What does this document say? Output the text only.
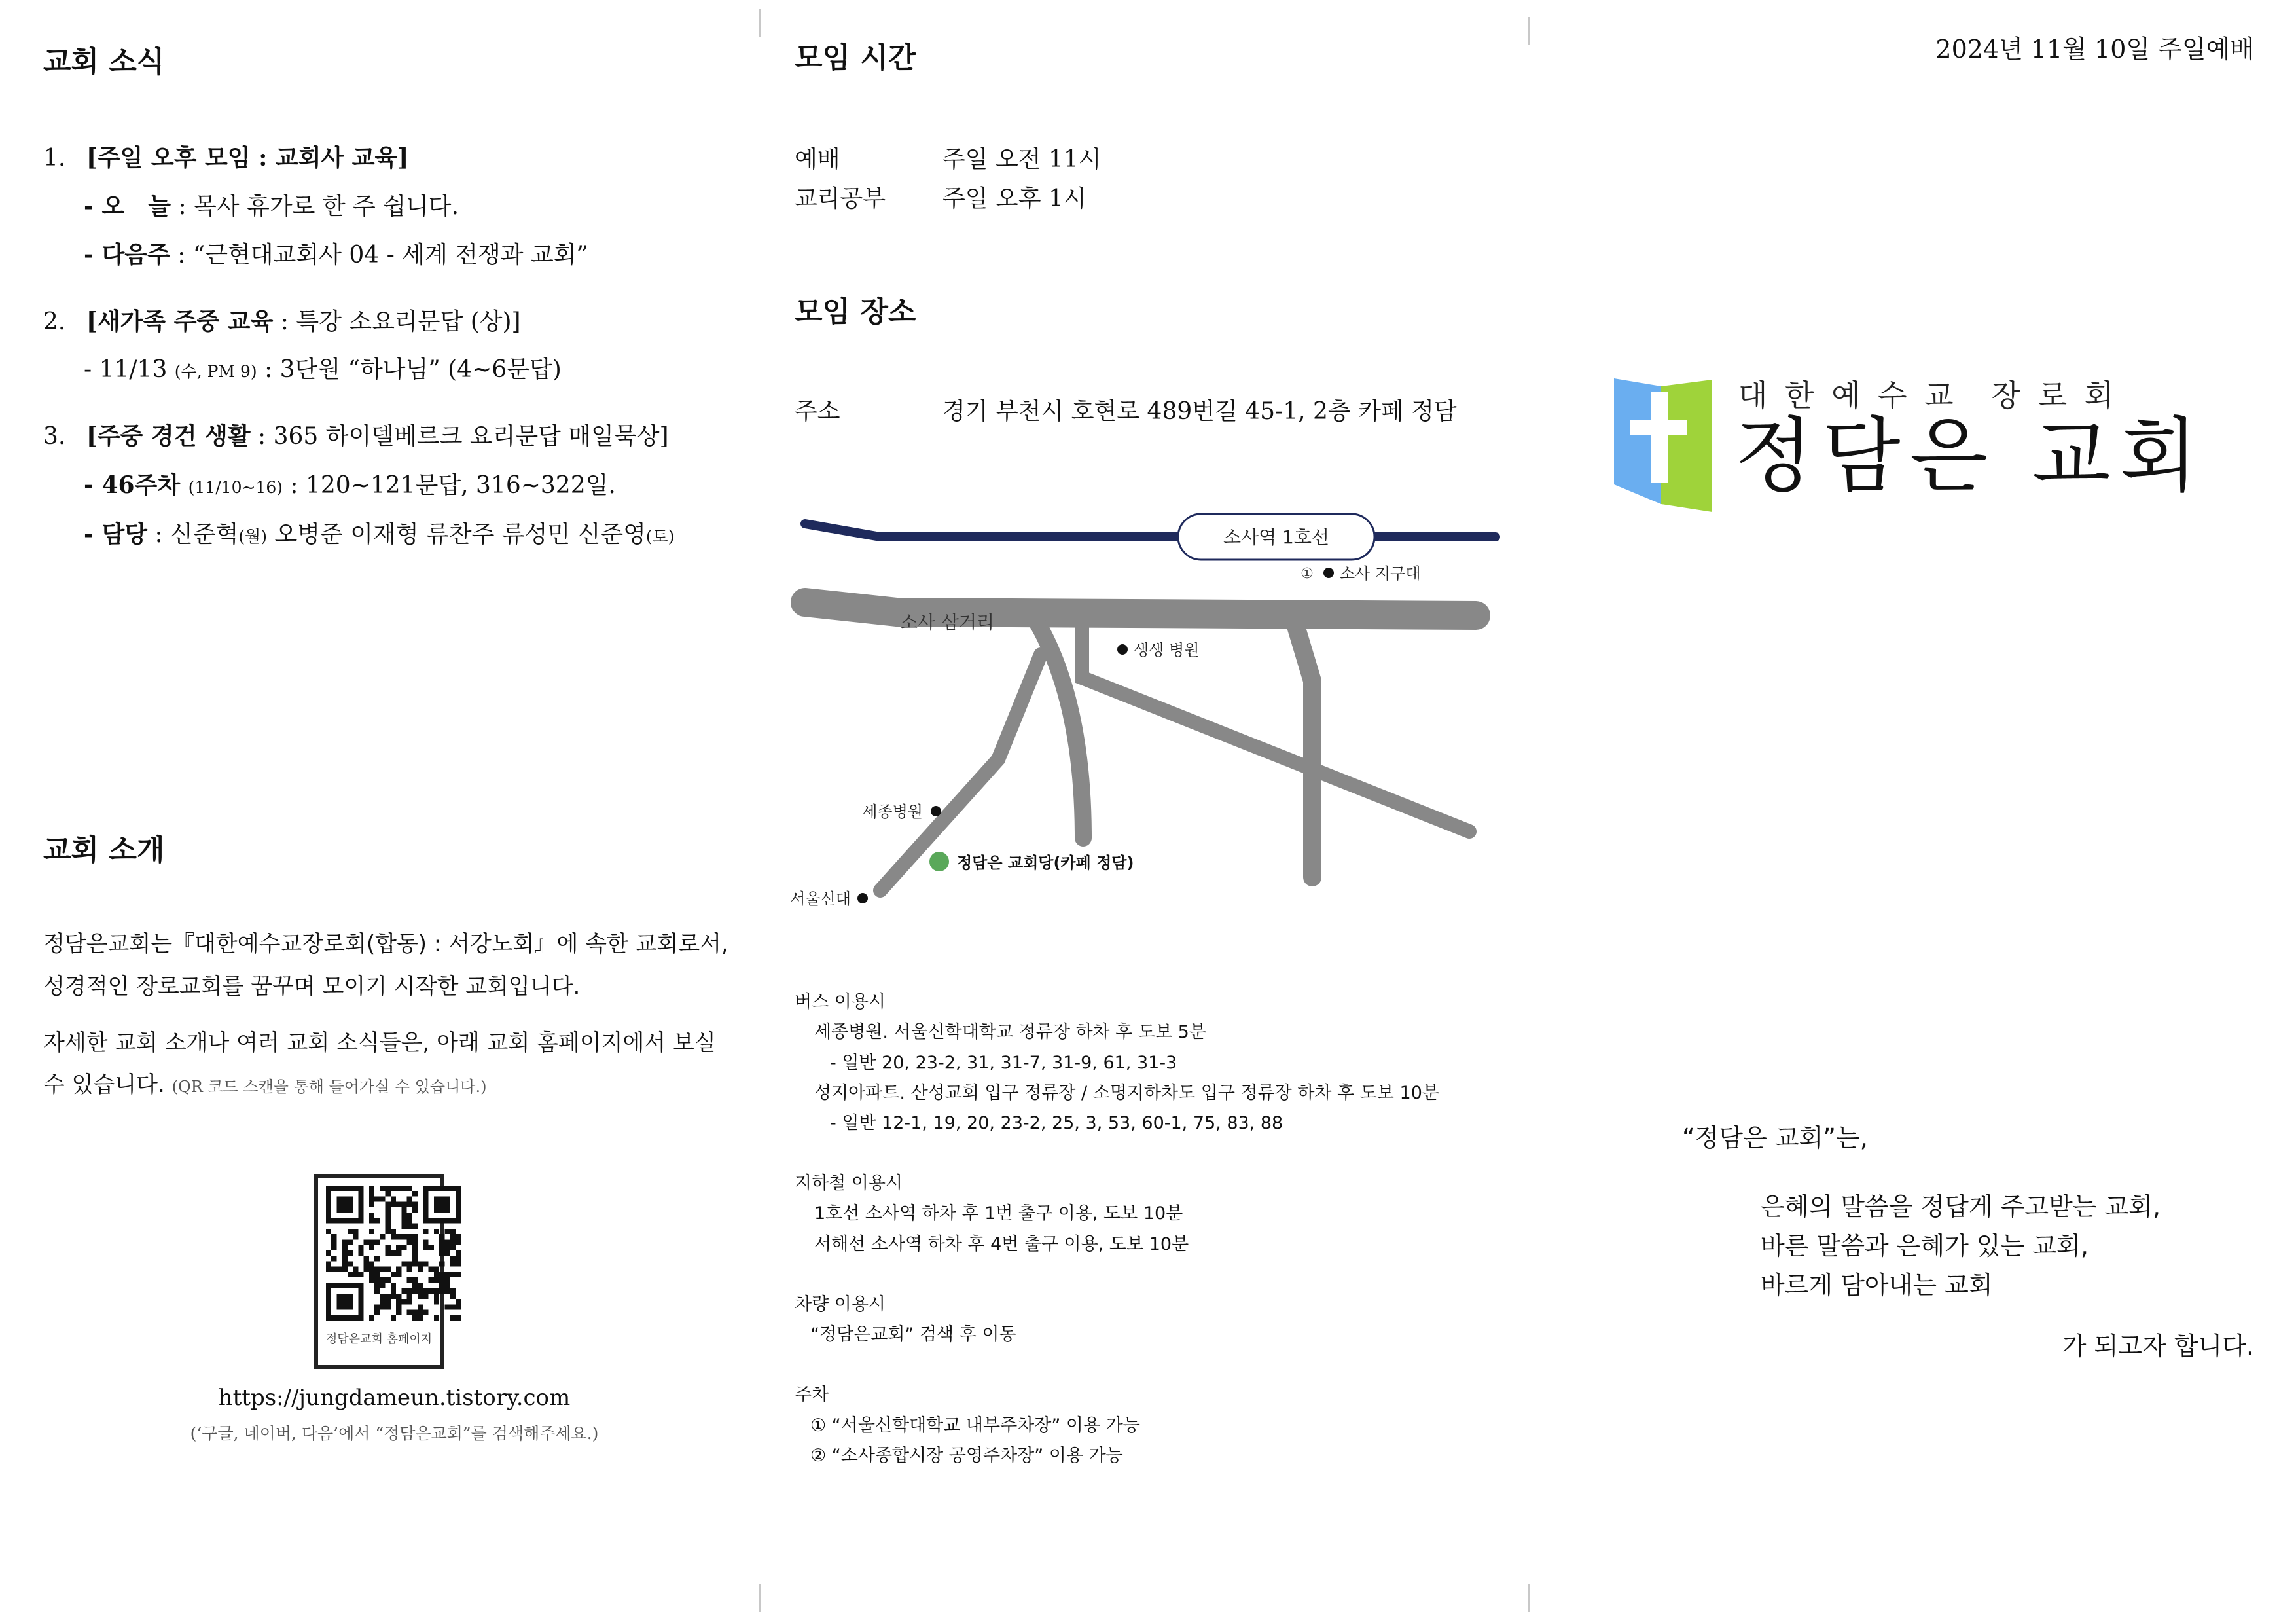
교회 소식
1. [주일 오후 모임 : 교회사 교육]
- 오　늘 : 목사 휴가로 한 주 쉽니다.
- 다음주 : “근현대교회사 04 - 세계 전쟁과 교회”
2. [새가족 주중 교육 : 특강 소요리문답 (상)]
- 11/13 (수, PM 9) : 3단원 “하나님” (4~6문답)
3. [주중 경건 생활 : 365 하이델베르크 요리문답 매일묵상]
- 46주차 (11/10~16) : 120~121문답, 316~322일.
- 담당 : 신준혁(월) 오병준 이재형 류찬주 류성민 신준영(토)
교회 소개
정담은교회는『대한예수교장로회(합동) : 서강노회』에 속한 교회로서,
성경적인 장로교회를 꿈꾸며 모이기 시작한 교회입니다.
자세한 교회 소개나 여러 교회 소식들은, 아래 교회 홈페이지에서 보실
수 있습니다. (QR 코드 스캔을 통해 들어가실 수 있습니다.)
정담은교회 홈페이지
https://jungdameun.tistory.com
(‘구글, 네이버, 다음’에서 “정담은교회”를 검색해주세요.)
모임 시간
예배	주일 오전 11시
교리공부 주일 오후 1시
모임 장소
주소	경기 부천시 호현로 489번길 45-1, 2층 카페 정담
소사역 1호선
① 소사 지구대
소사 삼거리
생생 병원
세종병원
정담은 교회당(카페 정담)
서울신대
버스 이용시
세종병원. 서울신학대학교 정류장 하차 후 도보 5분
- 일반 20, 23-2, 31, 31-7, 31-9, 61, 31-3
성지아파트. 산성교회 입구 정류장 / 소명지하차도 입구 정류장 하차 후 도보 10분
- 일반 12-1, 19, 20, 23-2, 25, 3, 53, 60-1, 75, 83, 88
지하철 이용시
1호선 소사역 하차 후 1번 출구 이용, 도보 10분
서해선 소사역 하차 후 4번 출구 이용, 도보 10분
차량 이용시
“정담은교회” 검색 후 이동
주차
① “서울신학대학교 내부주차장” 이용 가능
② “소사종합시장 공영주차장” 이용 가능
2024년 11월 10일 주일예배
대 한 예 수 교　장 로 회
정담은 교회
“정담은 교회”는,
은혜의 말씀을 정답게 주고받는 교회,
바른 말씀과 은혜가 있는 교회,
바르게 담아내는 교회
가 되고자 합니다.
